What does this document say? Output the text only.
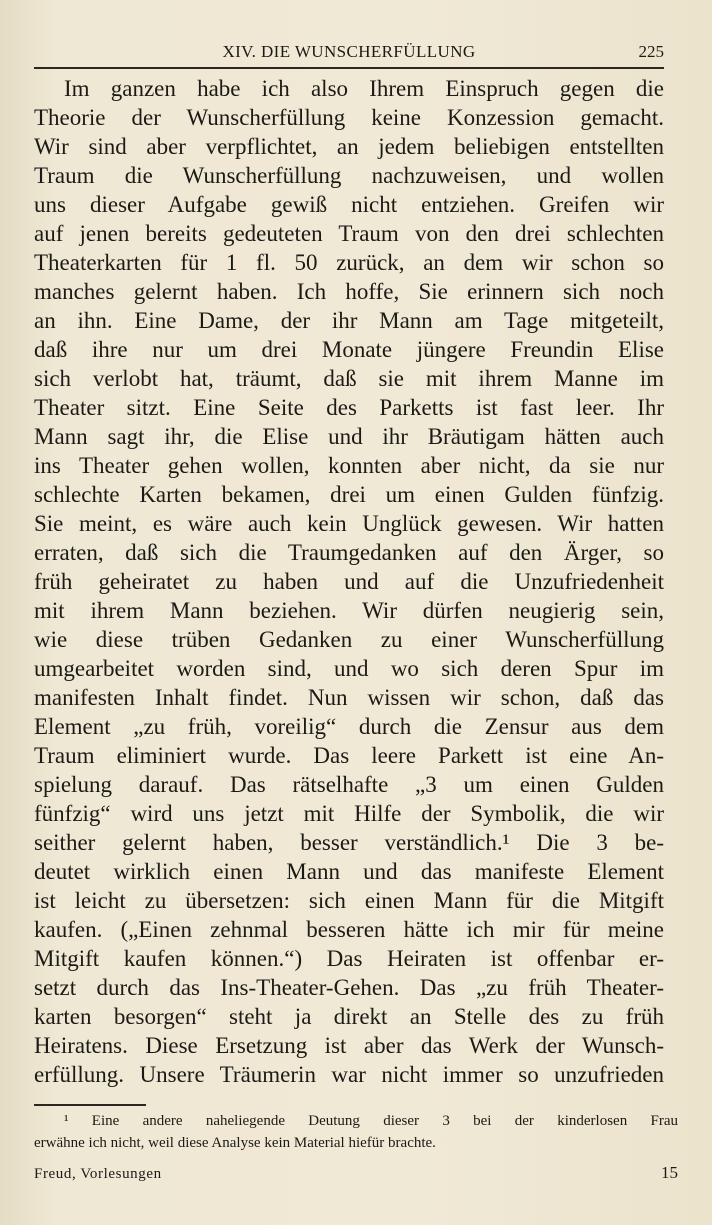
XIV. DIE WUNSCHERFÜLLUNG	225
Im ganzen habe ich also Ihrem Einspruch gegen die
Theorie der Wunscherfüllung keine Konzession gemacht.
Wir sind aber verpflichtet, an jedem beliebigen entstellten
Traum die Wunscherfüllung nachzuweisen, und wollen
uns dieser Aufgabe gewiß nicht entziehen. Greifen wir
auf jenen bereits gedeuteten Traum von den drei schlechten
Theaterkarten für 1 fl. 50 zurück, an dem wir schon so
manches gelernt haben. Ich hoffe, Sie erinnern sich noch
an ihn. Eine Dame, der ihr Mann am Tage mitgeteilt,
daß ihre nur um drei Monate jüngere Freundin Elise
sich verlobt hat, träumt, daß sie mit ihrem Manne im
Theater sitzt. Eine Seite des Parketts ist fast leer. Ihr
Mann sagt ihr, die Elise und ihr Bräutigam hätten auch
ins Theater gehen wollen, konnten aber nicht, da sie nur
schlechte Karten bekamen, drei um einen Gulden fünfzig.
Sie meint, es wäre auch kein Unglück gewesen. Wir hatten
erraten, daß sich die Traumgedanken auf den Ärger, so
früh geheiratet zu haben und auf die Unzufriedenheit
mit ihrem Mann beziehen. Wir dürfen neugierig sein,
wie diese trüben Gedanken zu einer Wunscherfüllung
umgearbeitet worden sind, und wo sich deren Spur im
manifesten Inhalt findet. Nun wissen wir schon, daß das
Element „zu früh, voreilig“ durch die Zensur aus dem
Traum eliminiert wurde. Das leere Parkett ist eine An-
spielung darauf. Das rätselhafte „3 um einen Gulden
fünfzig“ wird uns jetzt mit Hilfe der Symbolik, die wir
seither gelernt haben, besser verständlich.¹ Die 3 be-
deutet wirklich einen Mann und das manifeste Element
ist leicht zu übersetzen: sich einen Mann für die Mitgift
kaufen. („Einen zehnmal besseren hätte ich mir für meine
Mitgift kaufen können.“) Das Heiraten ist offenbar er-
setzt durch das Ins-Theater-Gehen. Das „zu früh Theater-
karten besorgen“ steht ja direkt an Stelle des zu früh
Heiratens. Diese Ersetzung ist aber das Werk der Wunsch-
erfüllung. Unsere Träumerin war nicht immer so unzufrieden
¹ Eine andere naheliegende Deutung dieser 3 bei der kinderlosen Frau
erwähne ich nicht, weil diese Analyse kein Material hiefür brachte.
Freud, Vorlesungen	15
